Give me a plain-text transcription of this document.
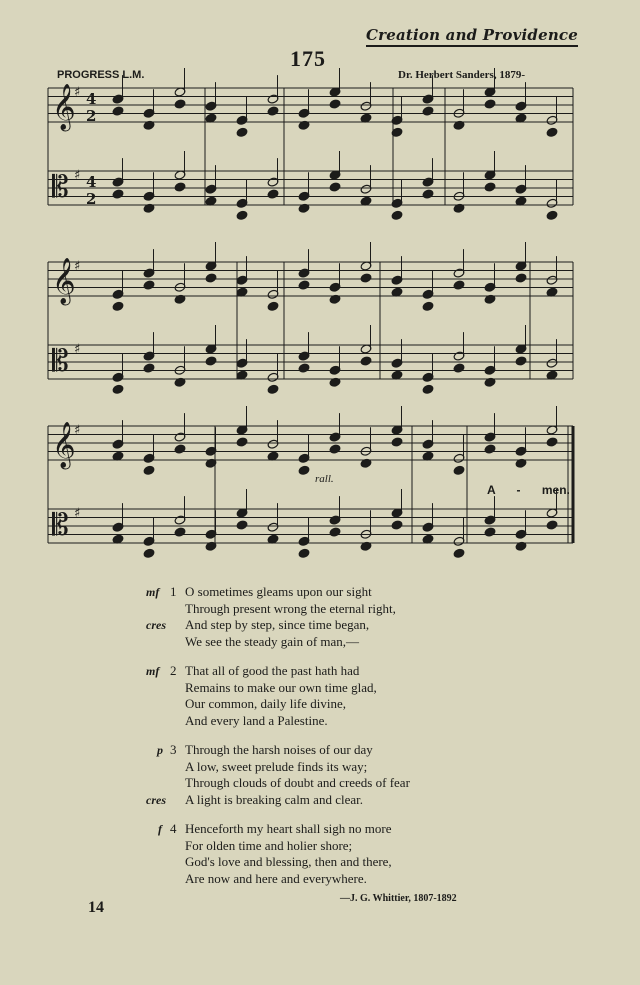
Creation and Providence
175
PROGRESS L.M.	Dr. Herbert Sanders, 1879-
𝄞
♯ 4
2
𝄡 ♯ 4
2
𝄞
♯
𝄡 ♯
𝄞
♯
𝄡 ♯
rall.
A - men.
mf 1 O sometimes gleams upon our sight
Through present wrong the eternal right,
cres And step by step, since time began,
We see the steady gain of man,—
mf 2 That all of good the past hath had
Remains to make our own time glad,
Our common, daily life divine,
And every land a Palestine.
p 3 Through the harsh noises of our day
A low, sweet prelude finds its way;
Through clouds of doubt and creeds of fear
cres A light is breaking calm and clear.
f 4 Henceforth my heart shall sigh no more
For olden time and holier shore;
God's love and blessing, then and there,
Are now and here and everywhere.
—J. G. Whittier, 1807-1892
14
